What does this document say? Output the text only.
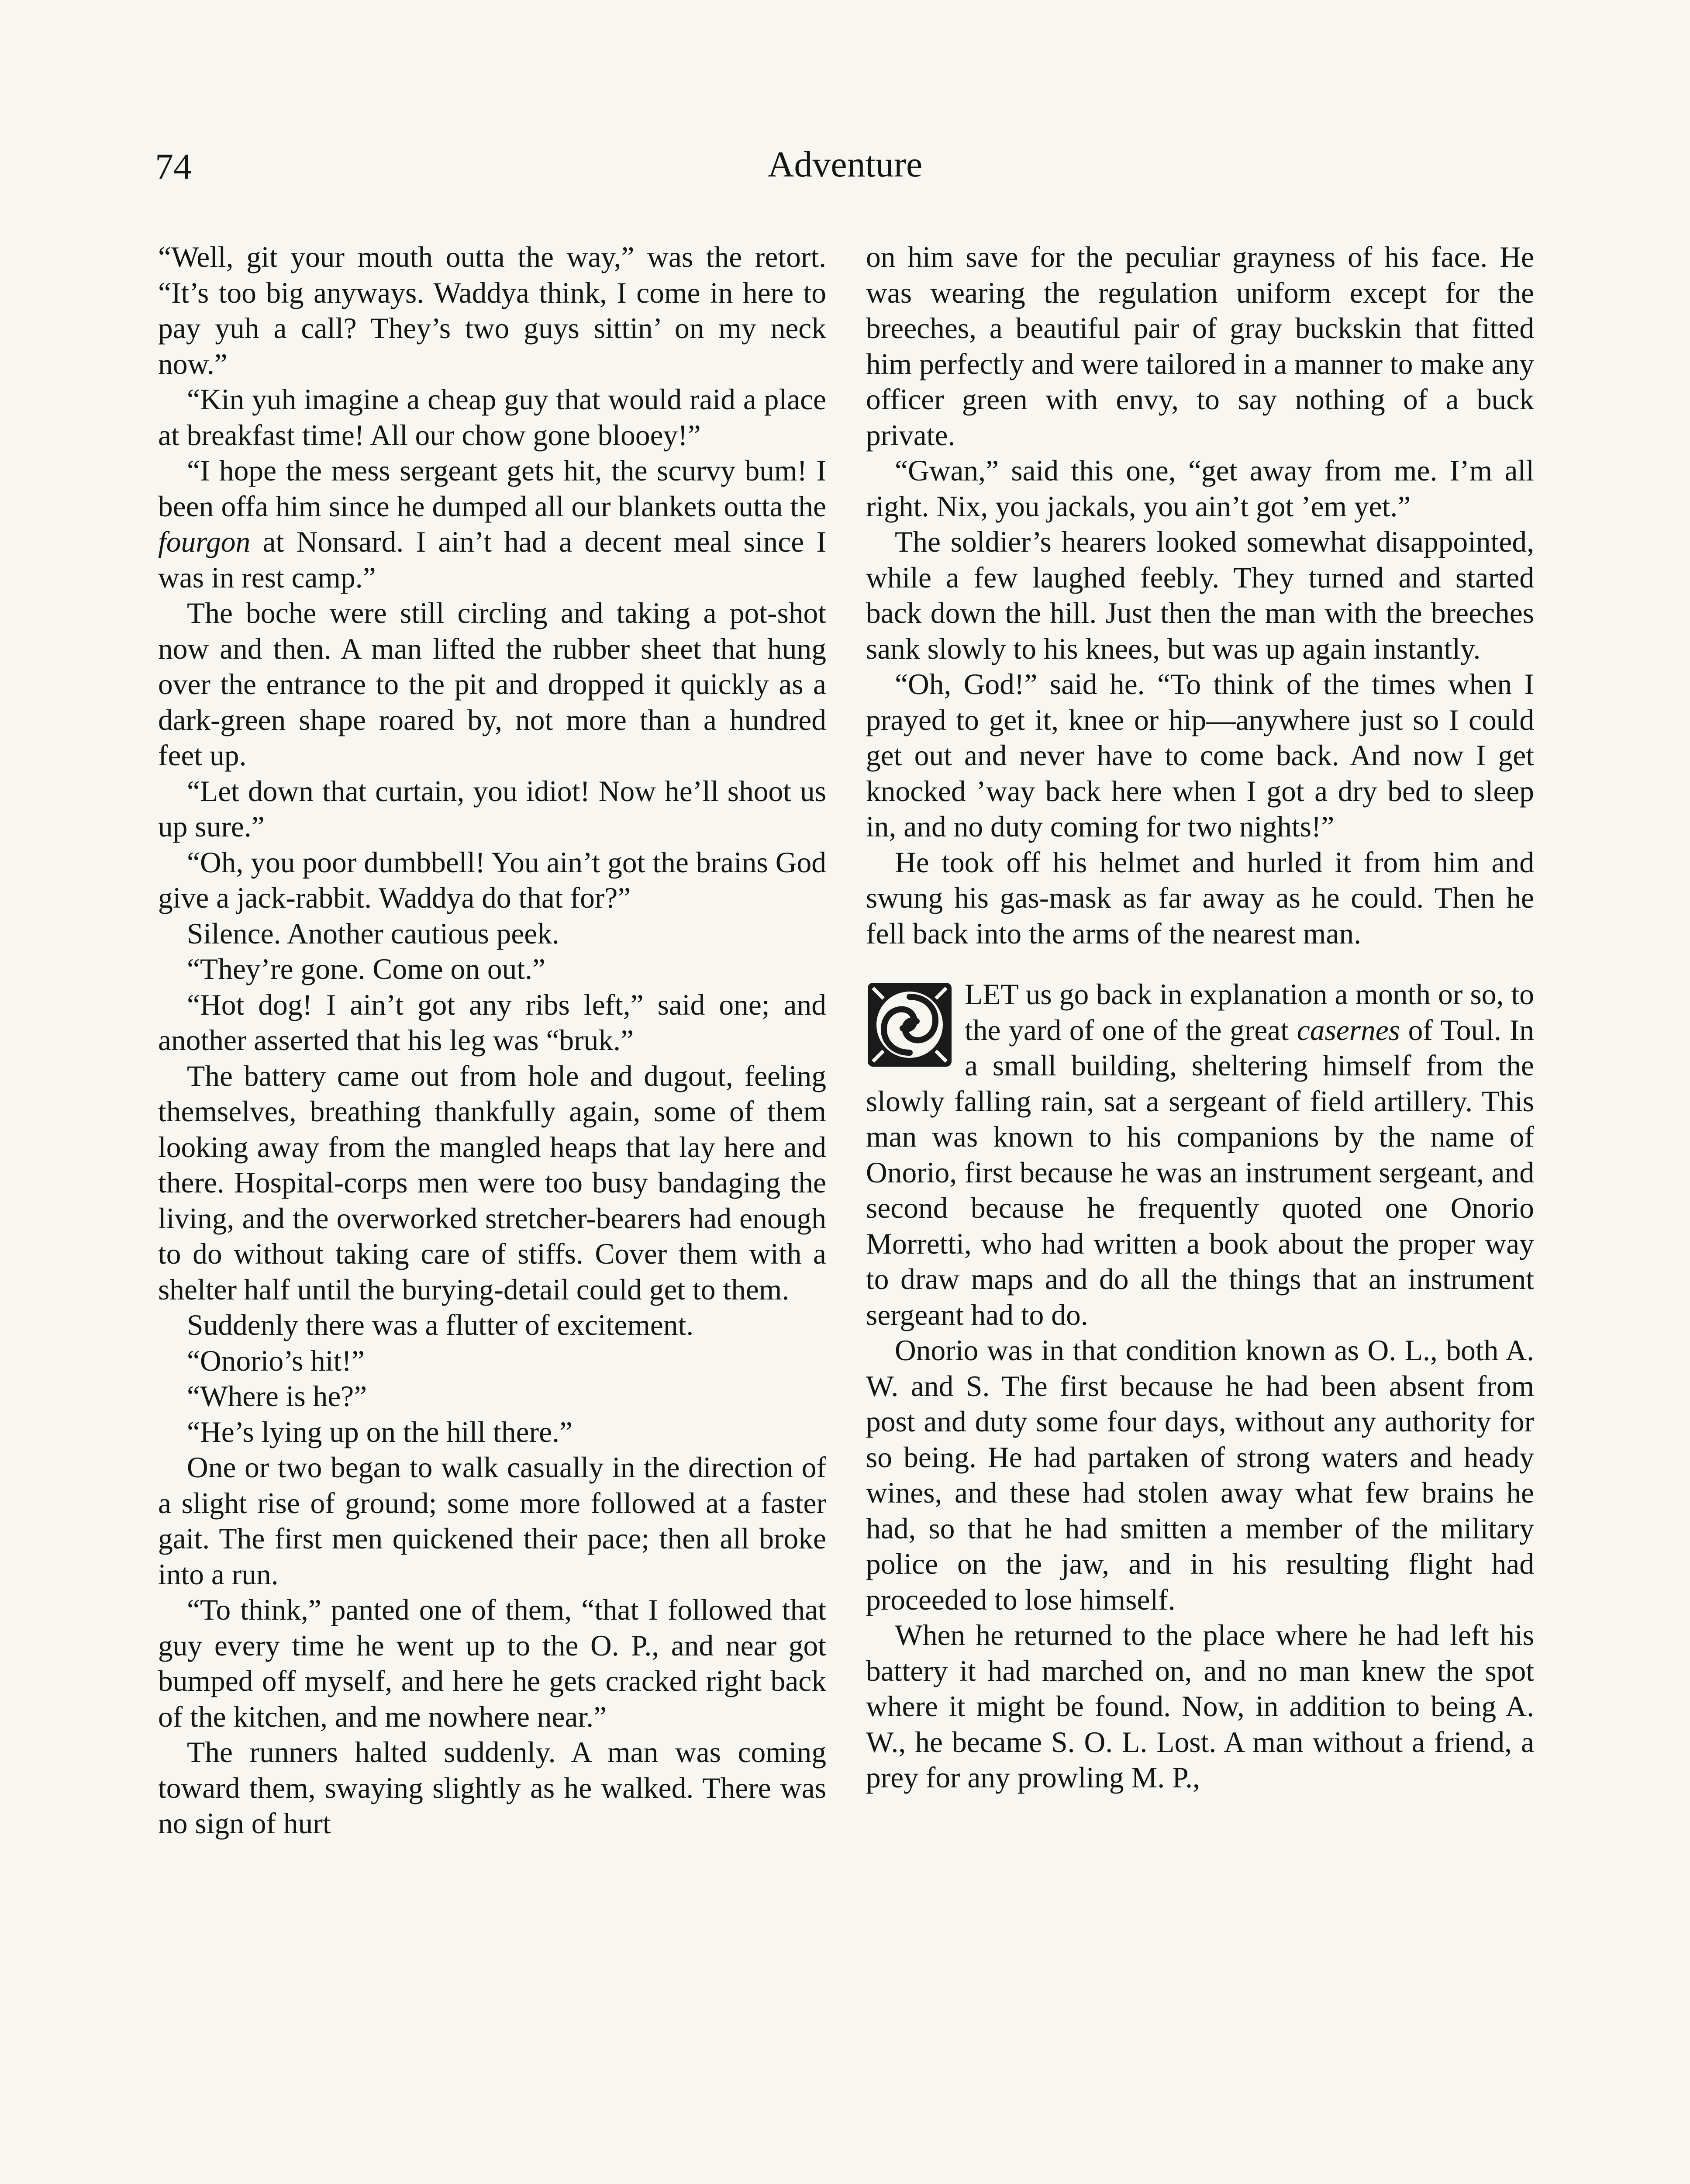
74	Adventure

“Well, git your mouth outta the way,” was the retort. “It’s too big anyways. Waddya think, I come in here to pay yuh a call? They’s two guys sittin’ on my neck now.”

“Kin yuh imagine a cheap guy that would raid a place at breakfast time! All our chow gone blooey!”

“I hope the mess sergeant gets hit, the scurvy bum! I been offa him since he dumped all our blankets outta the fourgon at Nonsard. I ain’t had a decent meal since I was in rest camp.”

The boche were still circling and taking a pot-shot now and then. A man lifted the rubber sheet that hung over the entrance to the pit and dropped it quickly as a dark-green shape roared by, not more than a hundred feet up.

“Let down that curtain, you idiot! Now he’ll shoot us up sure.”

“Oh, you poor dumbbell! You ain’t got the brains God give a jack-rabbit. Waddya do that for?”

Silence. Another cautious peek.

“They’re gone. Come on out.”

“Hot dog! I ain’t got any ribs left,” said one; and another asserted that his leg was “bruk.”

The battery came out from hole and dugout, feeling themselves, breathing thankfully again, some of them looking away from the mangled heaps that lay here and there. Hospital-corps men were too busy bandaging the living, and the overworked stretcher-bearers had enough to do without taking care of stiffs. Cover them with a shelter half until the burying-detail could get to them.

Suddenly there was a flutter of excitement.

“Onorio’s hit!”

“Where is he?”

“He’s lying up on the hill there.”

One or two began to walk casually in the direction of a slight rise of ground; some more followed at a faster gait. The first men quickened their pace; then all broke into a run.

“To think,” panted one of them, “that I followed that guy every time he went up to the O. P., and near got bumped off myself, and here he gets cracked right back of the kitchen, and me nowhere near.”

The runners halted suddenly. A man was coming toward them, swaying slightly as he walked. There was no sign of hurt

on him save for the peculiar grayness of his face. He was wearing the regulation uniform except for the breeches, a beautiful pair of gray buckskin that fitted him perfectly and were tailored in a manner to make any officer green with envy, to say nothing of a buck private.

“Gwan,” said this one, “get away from me. I’m all right. Nix, you jackals, you ain’t got ’em yet.”

The soldier’s hearers looked somewhat disappointed, while a few laughed feebly. They turned and started back down the hill. Just then the man with the breeches sank slowly to his knees, but was up again instantly.

“Oh, God!” said he. “To think of the times when I prayed to get it, knee or hip—anywhere just so I could get out and never have to come back. And now I get knocked ’way back here when I got a dry bed to sleep in, and no duty coming for two nights!”

He took off his helmet and hurled it from him and swung his gas-mask as far away as he could. Then he fell back into the arms of the nearest man.

LET us go back in explanation a month or so, to the yard of one of the great casernes of Toul. In a small building, sheltering himself from the slowly falling rain, sat a sergeant of field artillery. This man was known to his companions by the name of Onorio, first because he was an instrument sergeant, and second because he frequently quoted one Onorio Morretti, who had written a book about the proper way to draw maps and do all the things that an instrument sergeant had to do.

Onorio was in that condition known as O. L., both A. W. and S. The first because he had been absent from post and duty some four days, without any authority for so being. He had partaken of strong waters and heady wines, and these had stolen away what few brains he had, so that he had smitten a member of the military police on the jaw, and in his resulting flight had proceeded to lose himself.

When he returned to the place where he had left his battery it had marched on, and no man knew the spot where it might be found. Now, in addition to being A. W., he became S. O. L. Lost. A man without a friend, a prey for any prowling M. P.,
